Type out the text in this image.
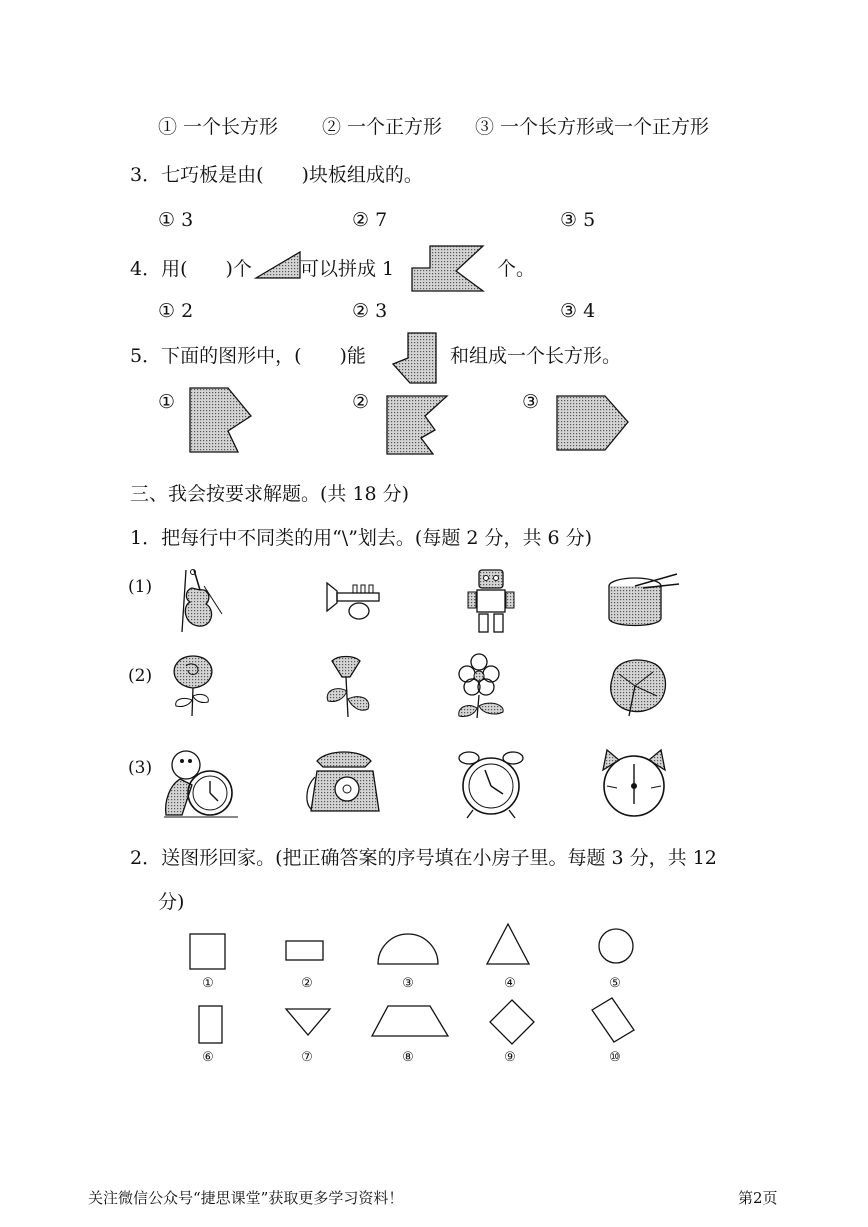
① 一个长方形 ② 一个正方形 ③ 一个长方形或一个正方形
3．七巧板是由(　　)块板组成的。
① 3	② 7	③ 5
4．用(　　)个	可以拼成 1	个。
① 2	② 3	③ 4
5．下面的图形中，(　　)能	和组成一个长方形。
①	②	③
三、我会按要求解题。(共 18 分)
1．把每行中不同类的用“\”划去。(每题 2 分，共 6 分)
(1)
(2)
(3)
2．送图形回家。(把正确答案的序号填在小房子里。每题 3 分，共 12
分)
①	②	③	④	⑤
⑥	⑦	⑧	⑨	⑩
关注微信公众号“捷思课堂”获取更多学习资料！	第2页
